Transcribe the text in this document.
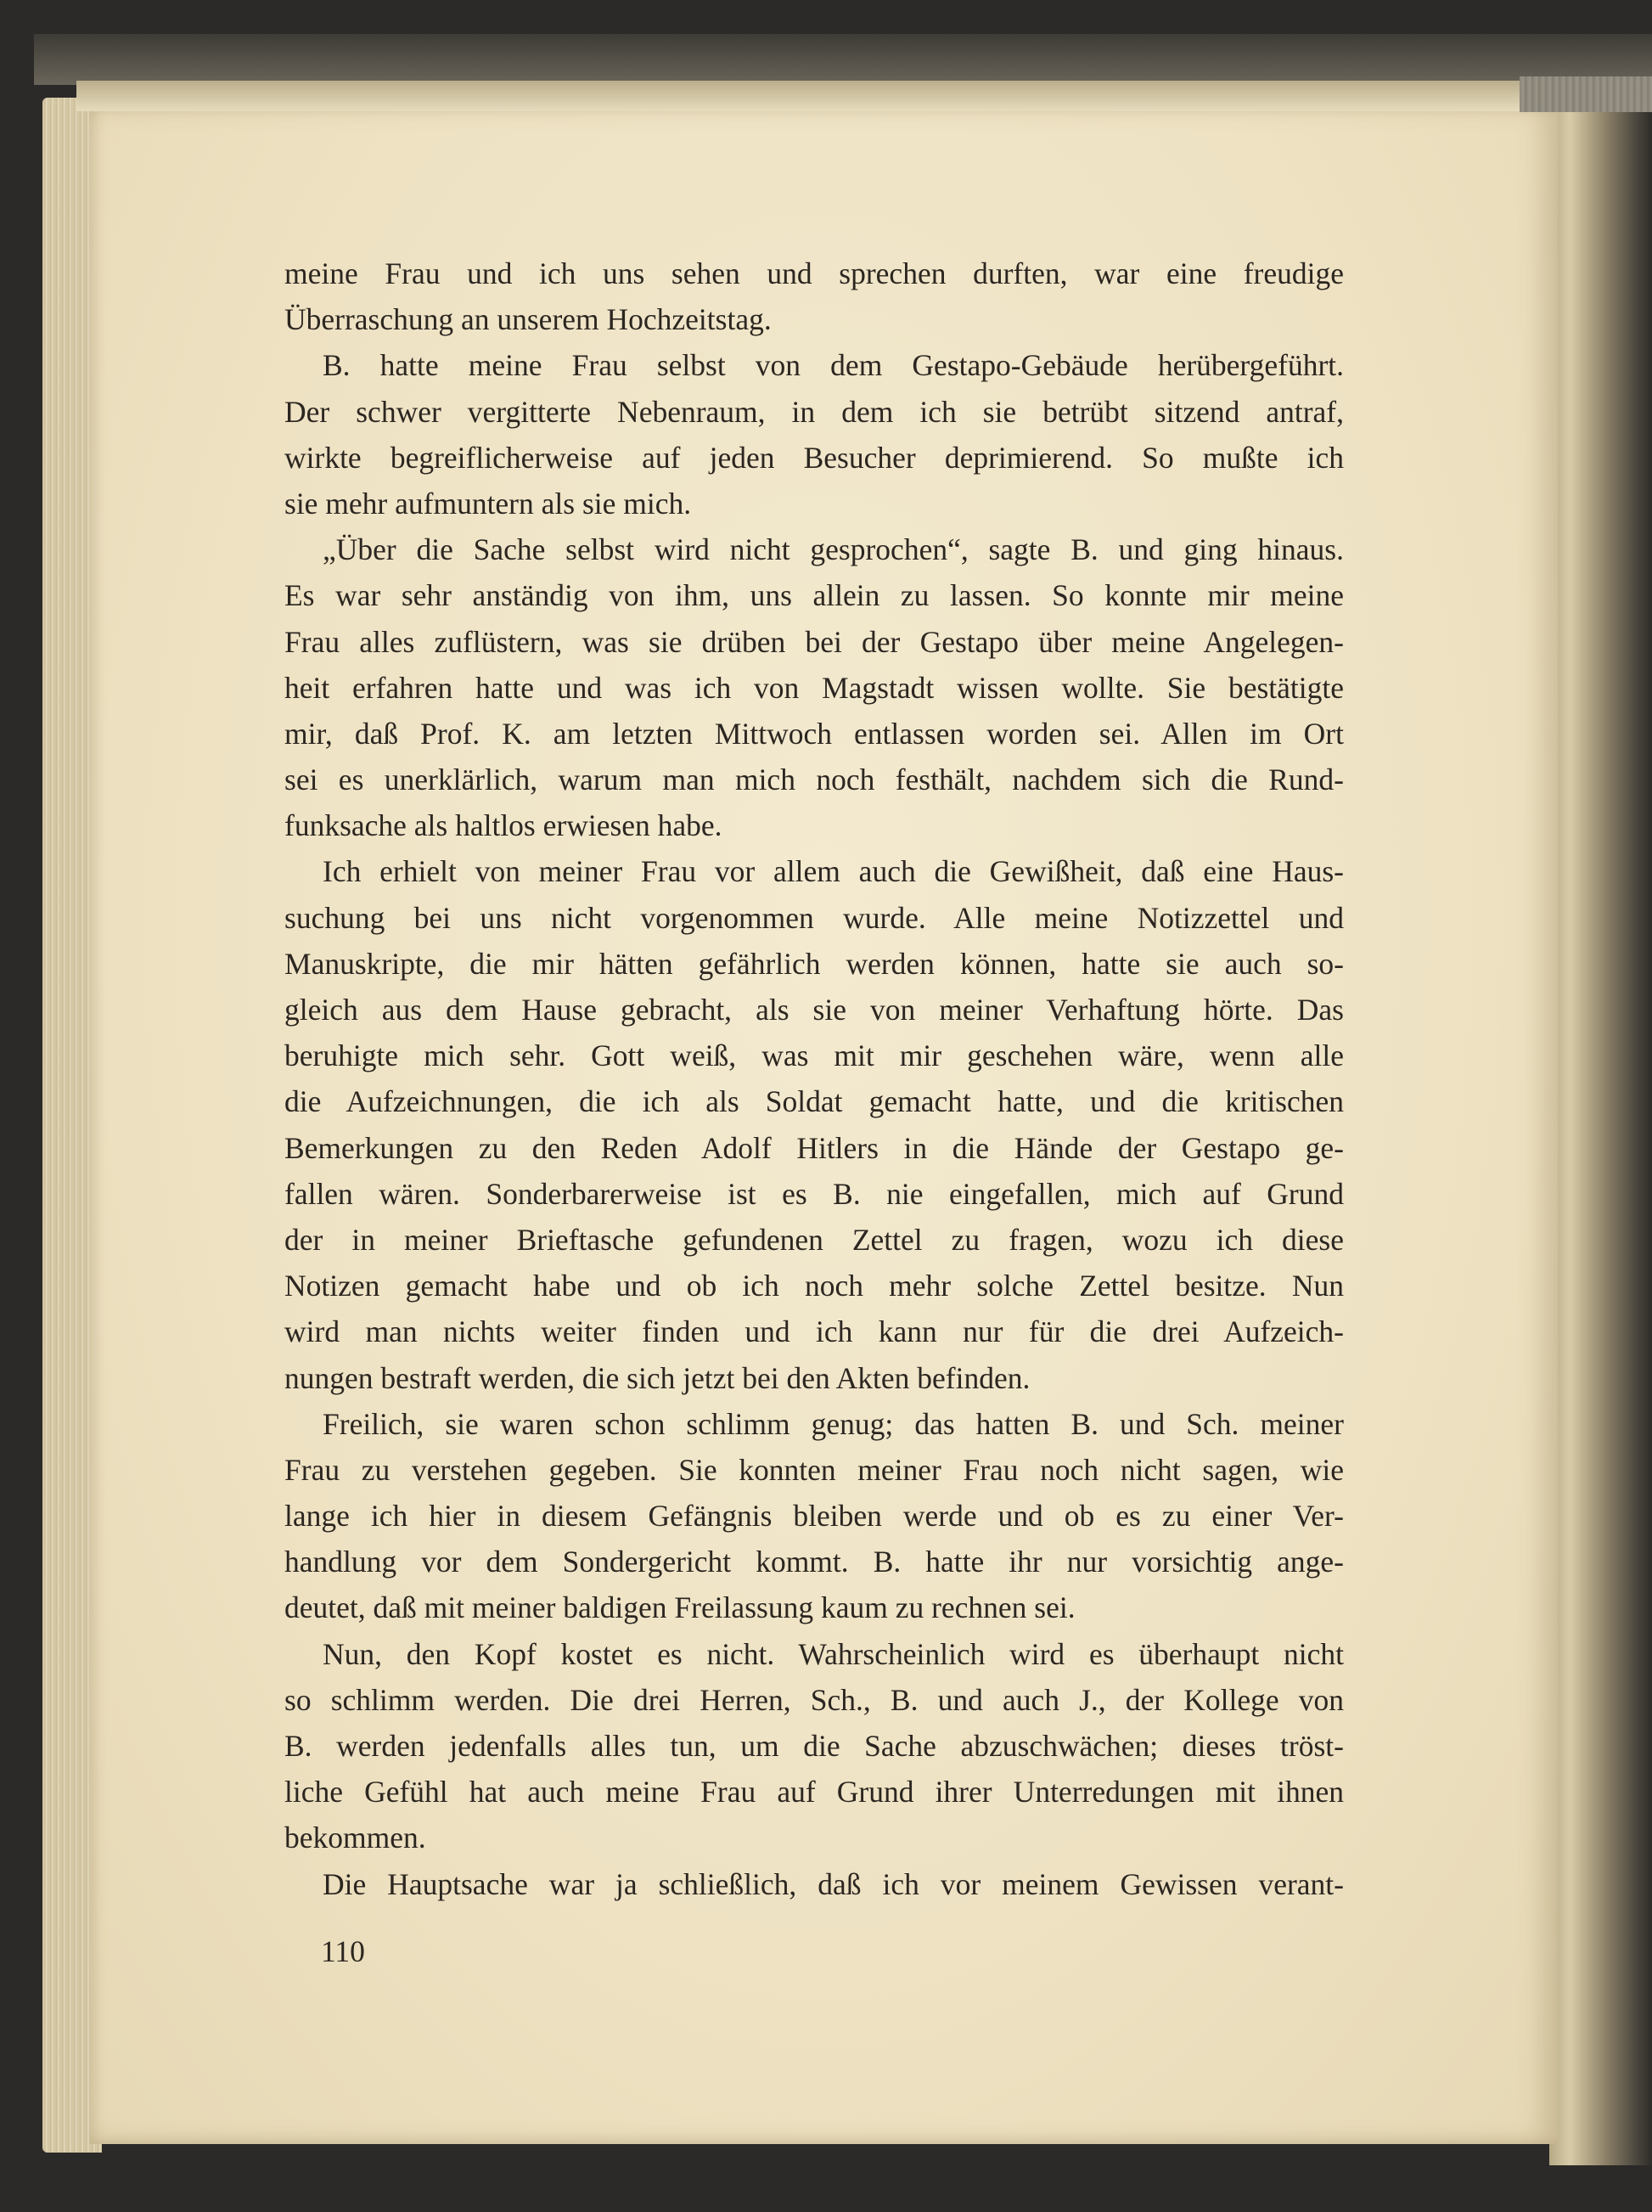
meine Frau und ich uns sehen und sprechen durften, war eine freudige
Überraschung an unserem Hochzeitstag.
B. hatte meine Frau selbst von dem Gestapo-Gebäude herübergeführt.
Der schwer vergitterte Nebenraum, in dem ich sie betrübt sitzend antraf,
wirkte begreiflicherweise auf jeden Besucher deprimierend. So mußte ich
sie mehr aufmuntern als sie mich.
„Über die Sache selbst wird nicht gesprochen“, sagte B. und ging hinaus.
Es war sehr anständig von ihm, uns allein zu lassen. So konnte mir meine
Frau alles zuflüstern, was sie drüben bei der Gestapo über meine Angelegen-
heit erfahren hatte und was ich von Magstadt wissen wollte. Sie bestätigte
mir, daß Prof. K. am letzten Mittwoch entlassen worden sei. Allen im Ort
sei es unerklärlich, warum man mich noch festhält, nachdem sich die Rund-
funksache als haltlos erwiesen habe.
Ich erhielt von meiner Frau vor allem auch die Gewißheit, daß eine Haus-
suchung bei uns nicht vorgenommen wurde. Alle meine Notizzettel und
Manuskripte, die mir hätten gefährlich werden können, hatte sie auch so-
gleich aus dem Hause gebracht, als sie von meiner Verhaftung hörte. Das
beruhigte mich sehr. Gott weiß, was mit mir geschehen wäre, wenn alle
die Aufzeichnungen, die ich als Soldat gemacht hatte, und die kritischen
Bemerkungen zu den Reden Adolf Hitlers in die Hände der Gestapo ge-
fallen wären. Sonderbarerweise ist es B. nie eingefallen, mich auf Grund
der in meiner Brieftasche gefundenen Zettel zu fragen, wozu ich diese
Notizen gemacht habe und ob ich noch mehr solche Zettel besitze. Nun
wird man nichts weiter finden und ich kann nur für die drei Aufzeich-
nungen bestraft werden, die sich jetzt bei den Akten befinden.
Freilich, sie waren schon schlimm genug; das hatten B. und Sch. meiner
Frau zu verstehen gegeben. Sie konnten meiner Frau noch nicht sagen, wie
lange ich hier in diesem Gefängnis bleiben werde und ob es zu einer Ver-
handlung vor dem Sondergericht kommt. B. hatte ihr nur vorsichtig ange-
deutet, daß mit meiner baldigen Freilassung kaum zu rechnen sei.
Nun, den Kopf kostet es nicht. Wahrscheinlich wird es überhaupt nicht
so schlimm werden. Die drei Herren, Sch., B. und auch J., der Kollege von
B. werden jedenfalls alles tun, um die Sache abzuschwächen; dieses tröst-
liche Gefühl hat auch meine Frau auf Grund ihrer Unterredungen mit ihnen
bekommen.
Die Hauptsache war ja schließlich, daß ich vor meinem Gewissen verant-
110
